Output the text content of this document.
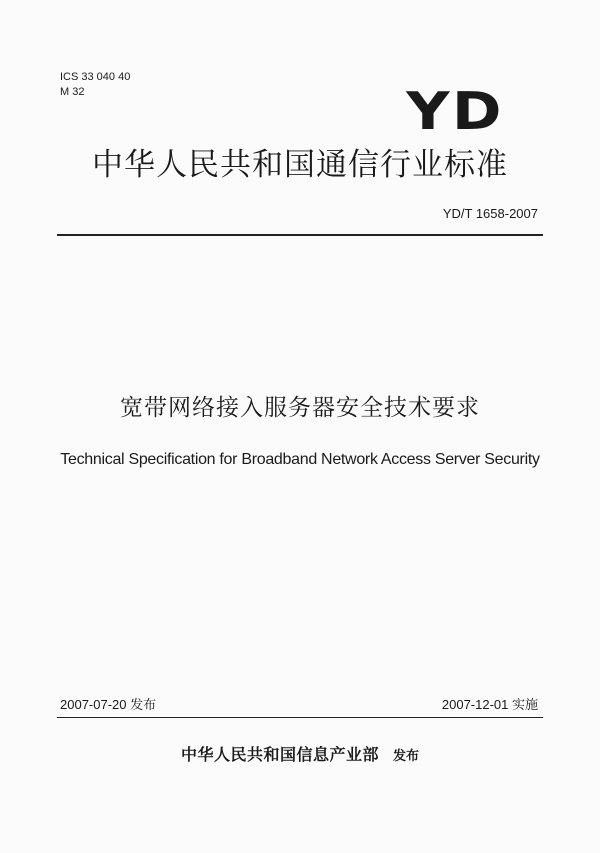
ICS 33 040 40
M 32	YD
中华人民共和国通信行业标准
YD/T 1658-2007
宽带网络接入服务器安全技术要求
Technical Specification for Broadband Network Access Server Security
2007-07-20 发布	2007-12-01 实施
中华人民共和国信息产业部 发布
